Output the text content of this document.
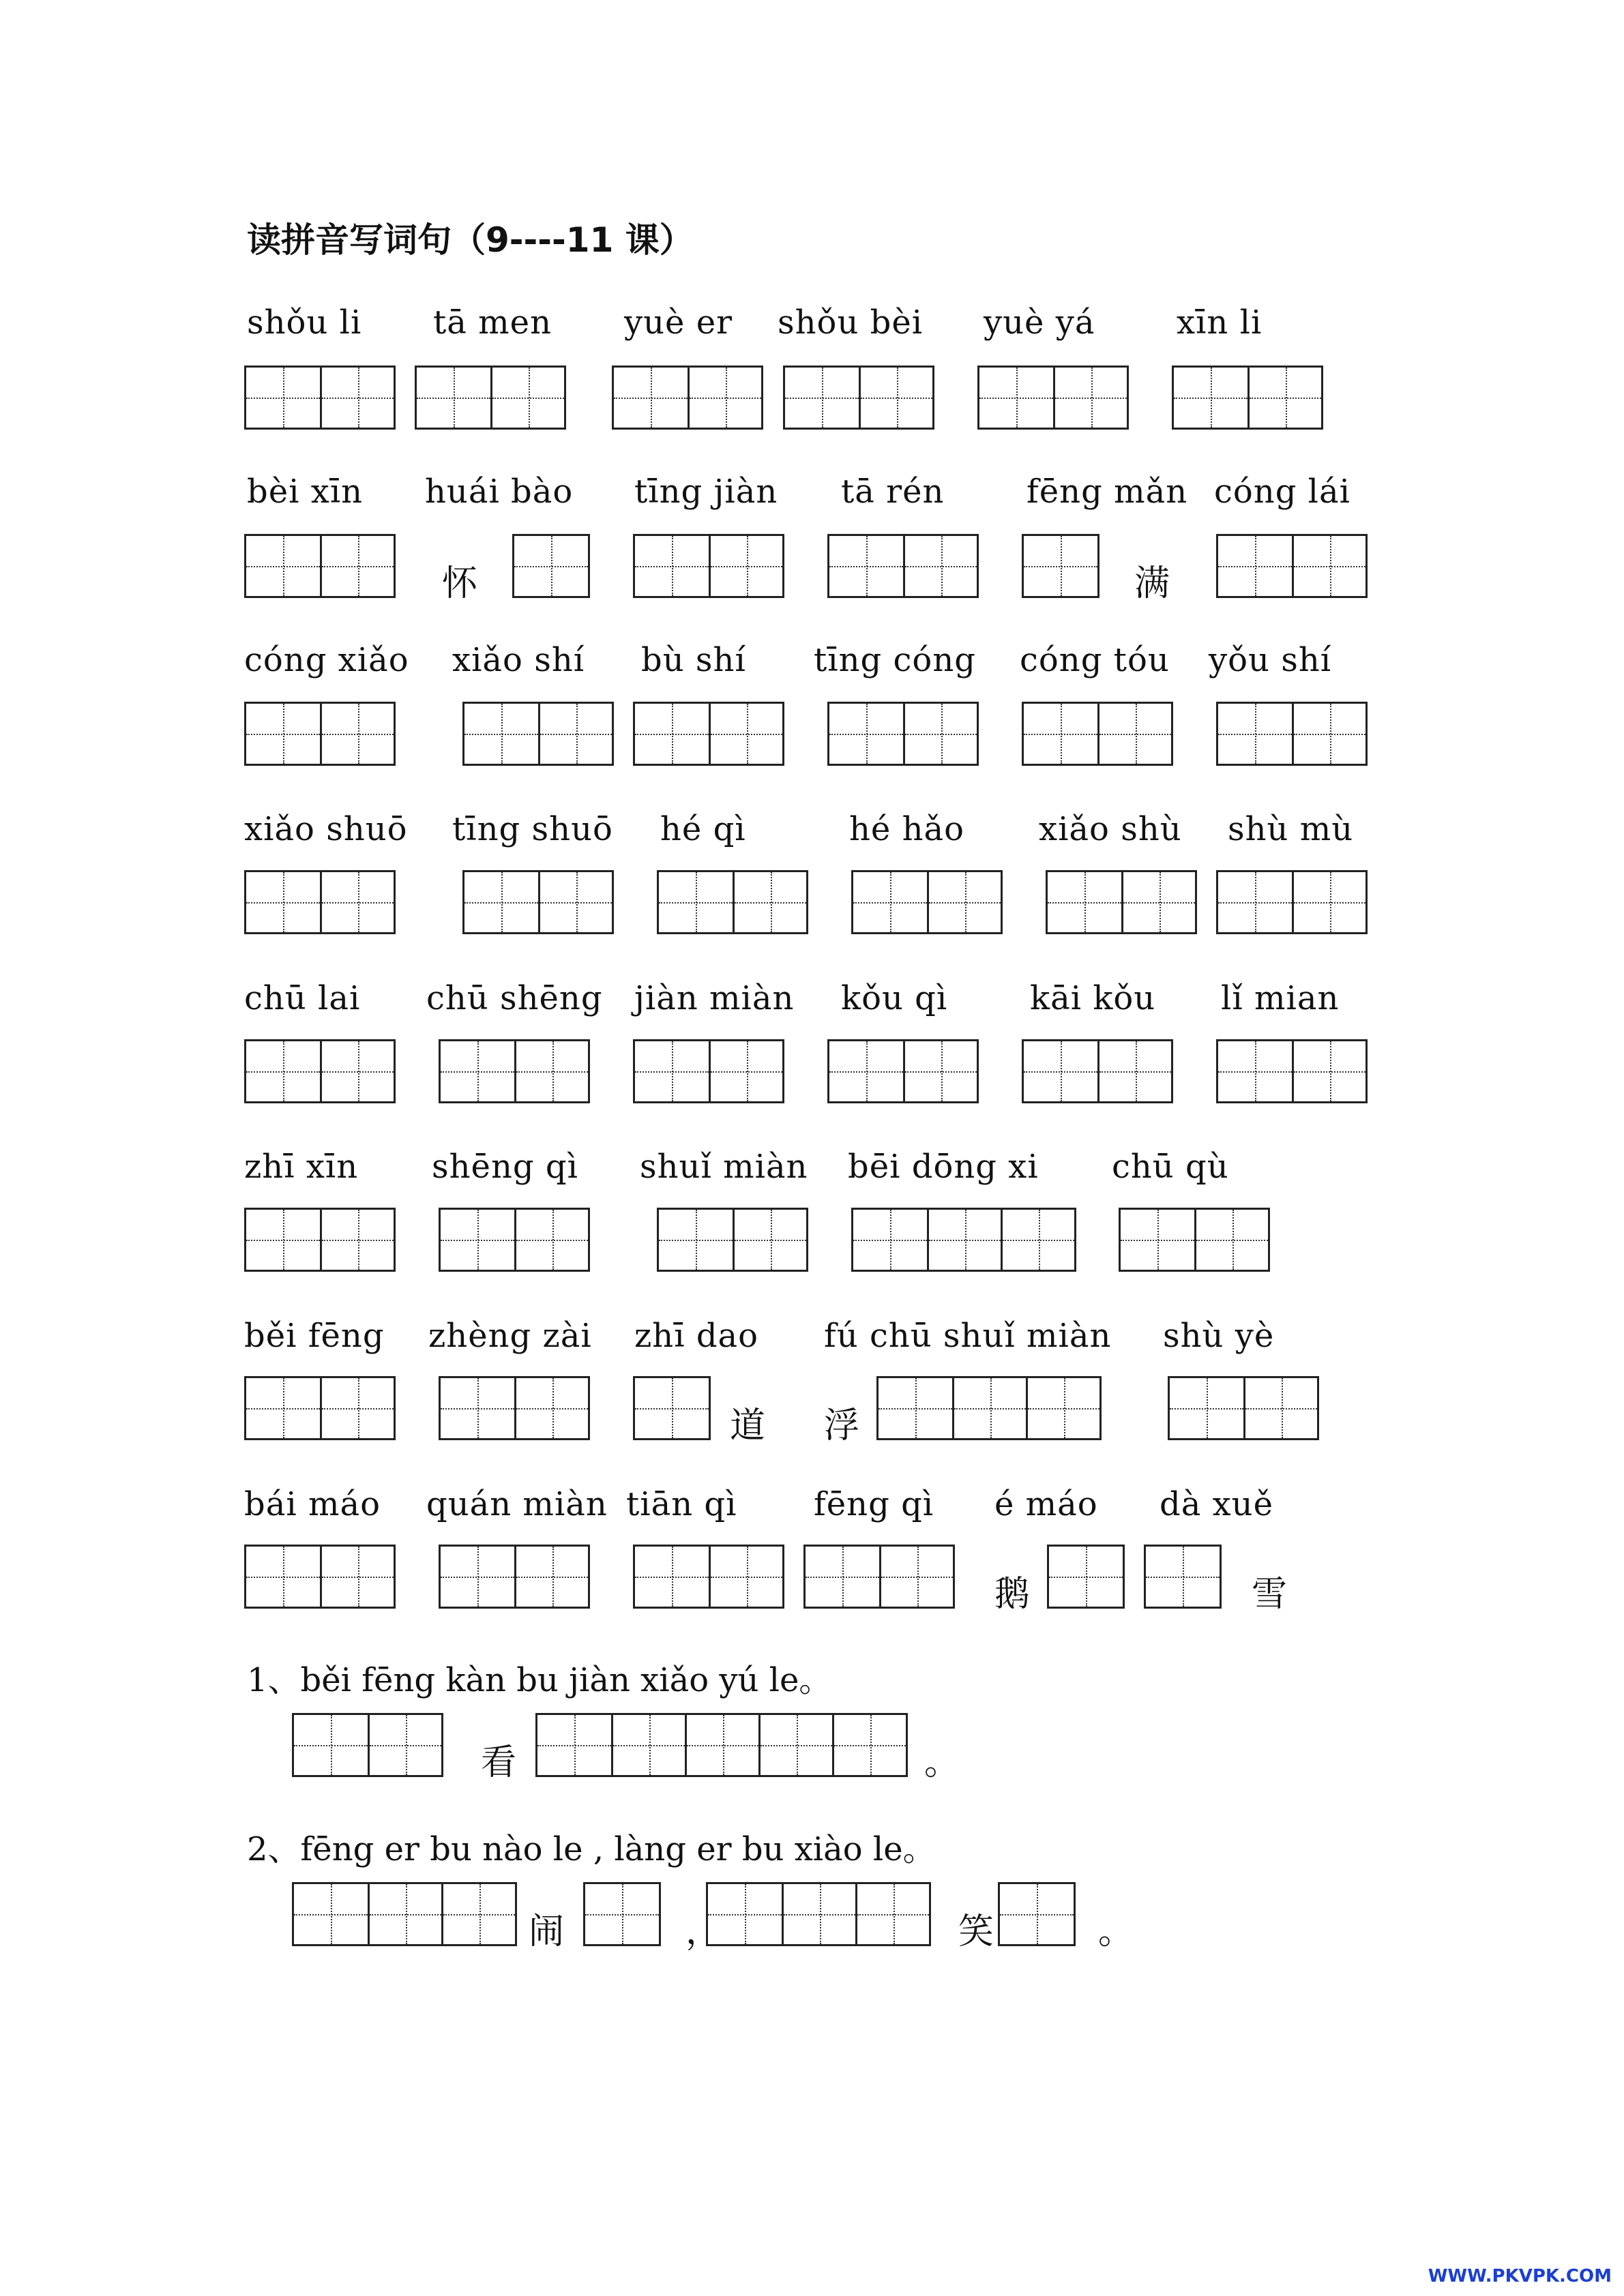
读拼音写词句（9----11 课）
shǒu li tā men yuè er shǒu bèi yuè yá xīn li
bèi xīn huái bào tīng jiàn tā rén	fēng mǎn cóng lái
怀	满
cóng xiǎo xiǎo shí bù shí tīng cóng cóng tóu yǒu shí
xiǎo shuō tīng shuō hé qì	hé hǎo xiǎo shù shù mù
chū lai chū shēng jiàn miàn kǒu qì	kāi kǒu lǐ mian
zhī xīn shēng qì shuǐ miàn bēi dōng xi chū qù
běi fēng zhèng zài zhī dao fú chū shuǐ miàn shù yè
道 浮
bái máo quán miàn tiān qì fēng qì é máo dà xuě
鹅	雪
1、běi fēng kàn bu jiàn xiǎo yú le。
看	。
2、fēng er bu nào le , làng er bu xiào le。
闹	，	笑	。
WWW.PKVPK.COM
